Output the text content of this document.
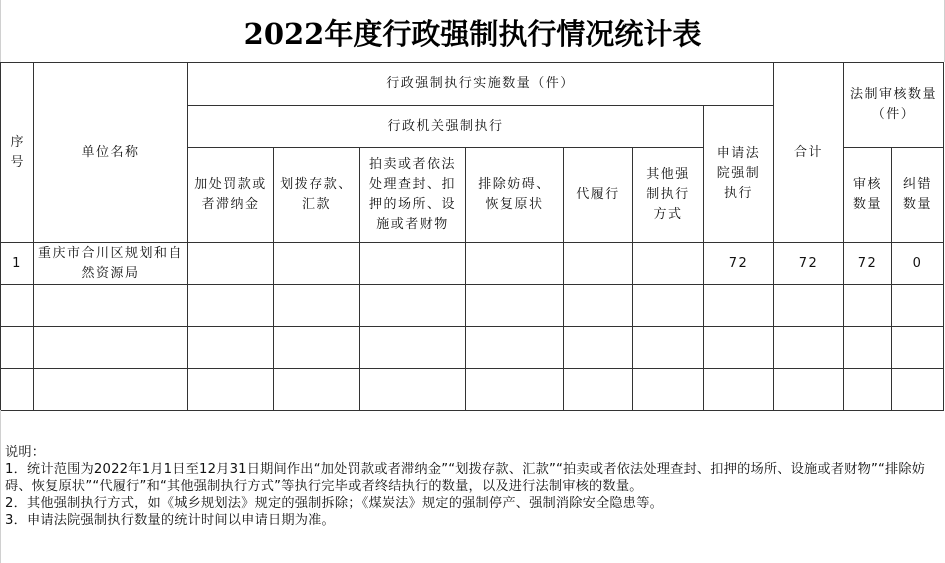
2022年度行政强制执行情况统计表
序号	单位名称	行政强制执行实施数量（件）							合计	法制审核数量（件）	
		行政机关强制执行						申请法院强制执行			
		加处罚款或者滞纳金	划拨存款、汇款	拍卖或者依法处理查封、扣押的场所、设施或者财物	排除妨碍、恢复原状	代履行	其他强制执行方式			审核数量	纠错数量
1	重庆市合川区规划和自然资源局							72	72	72	0

说明：

1．统计范围为2022年1月1日至12月31日期间作出“加处罚款或者滞纳金”“划拨存款、汇款”“拍卖或者依法处理查封、扣押的场所、设施或者财物”“排除妨碍、恢复原状”“代履行”和“其他强制执行方式”等执行完毕或者终结执行的数量，以及进行法制审核的数量。

2．其他强制执行方式，如《城乡规划法》规定的强制拆除；《煤炭法》规定的强制停产、强制消除安全隐患等。

3．申请法院强制执行数量的统计时间以申请日期为准。
